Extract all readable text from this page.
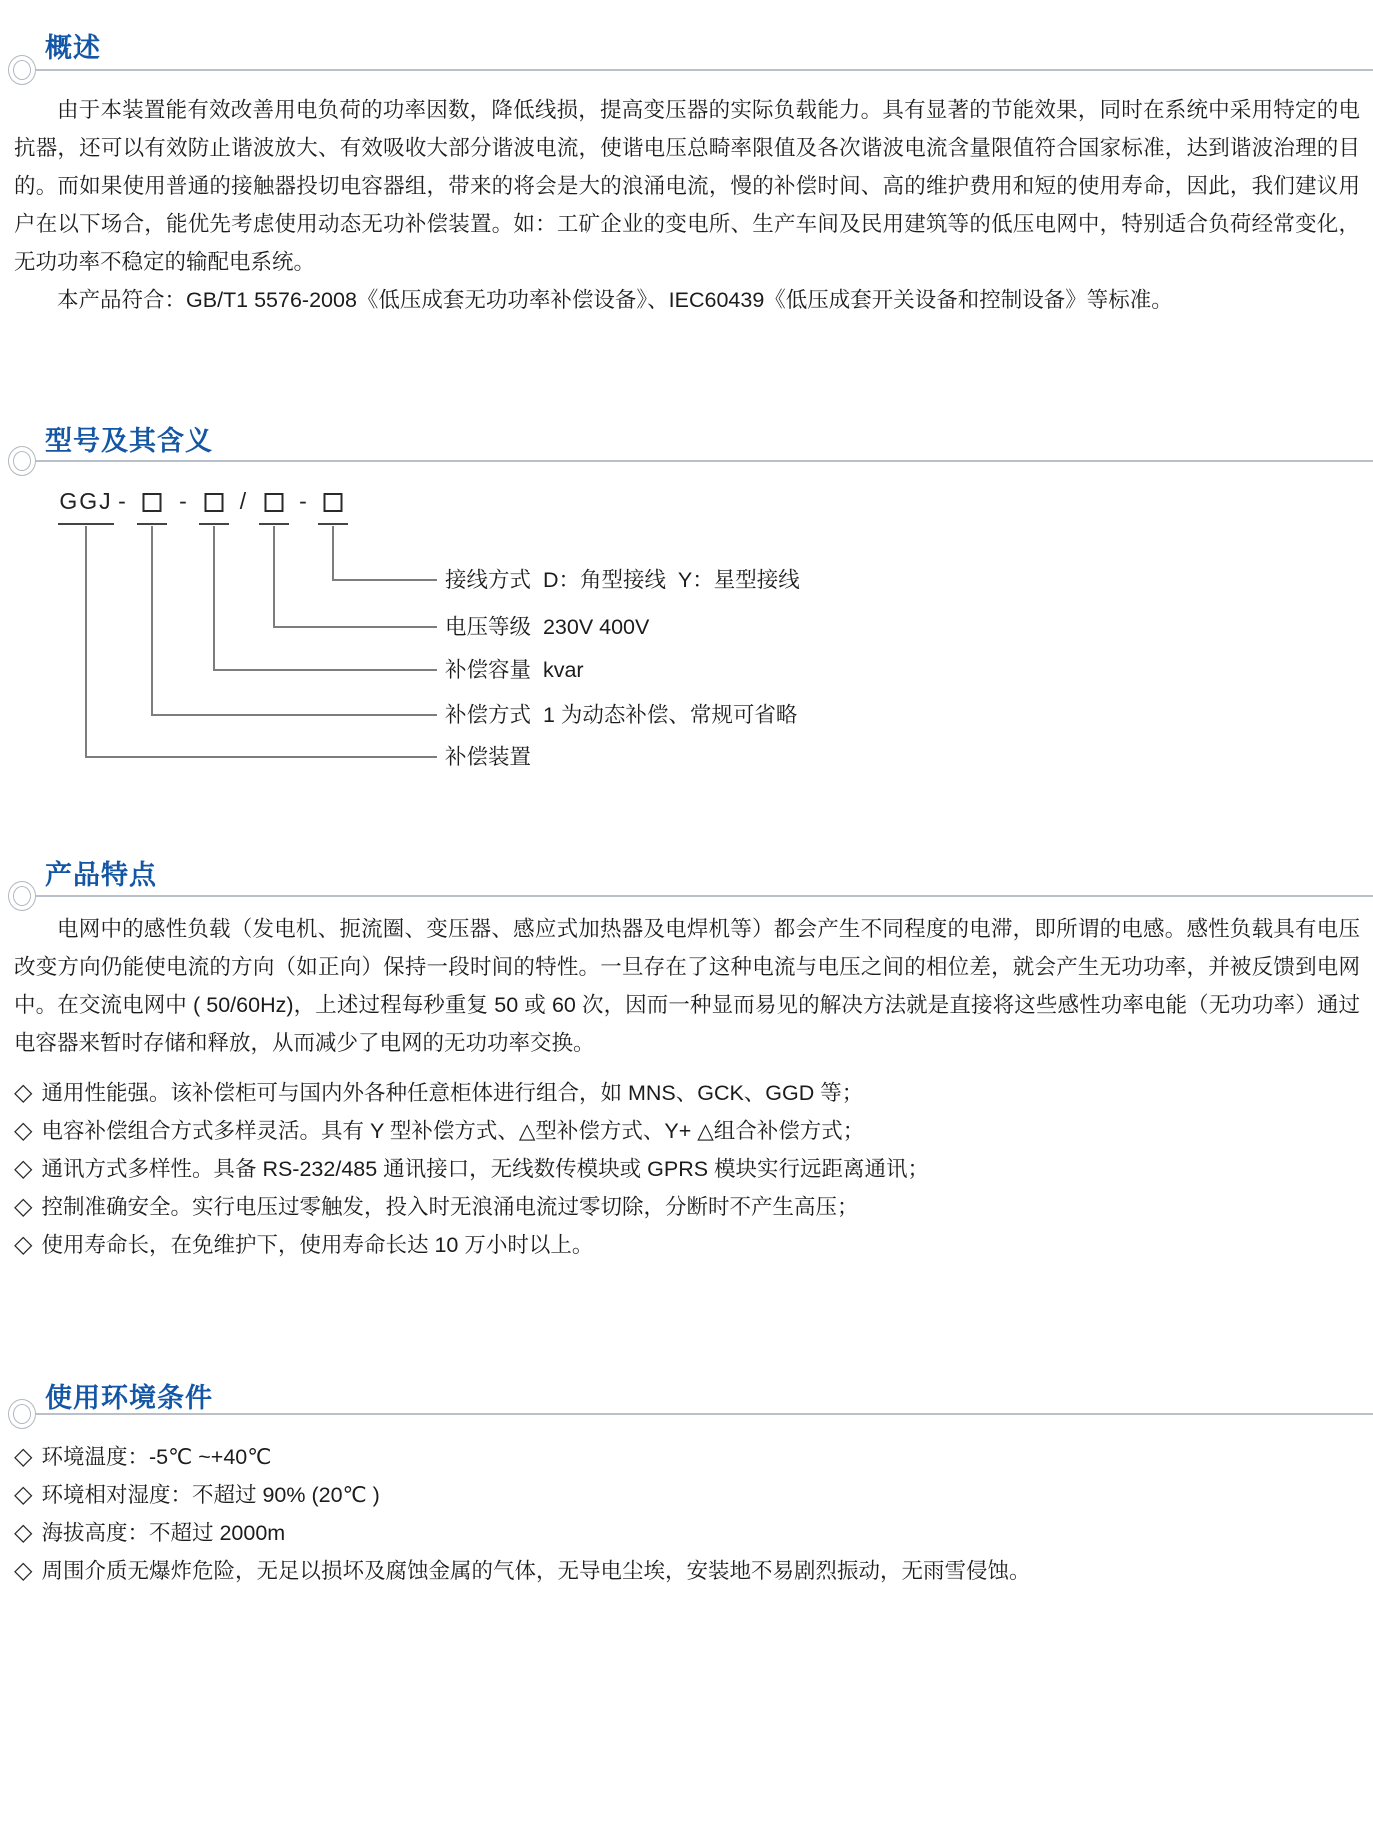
概述

由于本装置能有效改善用电负荷的功率因数，降低线损，提高变压器的实际负载能力。具有显著的节能效果，同时在系统中采用特定的电抗器，还可以有效防止谐波放大、有效吸收大部分谐波电流，使谐电压总畸率限值及各次谐波电流含量限值符合国家标准，达到谐波治理的目的。而如果使用普通的接触器投切电容器组，带来的将会是大的浪涌电流，慢的补偿时间、高的维护费用和短的使用寿命，因此，我们建议用户在以下场合，能优先考虑使用动态无功补偿装置。如：工矿企业的变电所、生产车间及民用建筑等的低压电网中，特别适合负荷经常变化，无功功率不稳定的输配电系统。

本产品符合：GB/T1 5576-2008《低压成套无功功率补偿设备》、IEC60439《低压成套开关设备和控制设备》等标准。

型号及其含义
GGJ - - / -
接线方式  D：角型接线  Y：星型接线
电压等级  230V 400V
补偿容量  kvar
补偿方式  1 为动态补偿、常规可省略
补偿装置
产品特点

电网中的感性负载（发电机、扼流圈、变压器、感应式加热器及电焊机等）都会产生不同程度的电滞，即所谓的电感。感性负载具有电压改变方向仍能使电流的方向（如正向）保持一段时间的特性。一旦存在了这种电流与电压之间的相位差，就会产生无功功率，并被反馈到电网中。在交流电网中 ( 50/60Hz)，上述过程每秒重复 50 或 60 次，因而一种显而易见的解决方法就是直接将这些感性功率电能（无功功率）通过电容器来暂时存储和释放，从而减少了电网的无功功率交换。

◇ 通用性能强。该补偿柜可与国内外各种任意柜体进行组合，如 MNS、GCK、GGD 等；
◇ 电容补偿组合方式多样灵活。具有 Y 型补偿方式、△型补偿方式、Y+ △组合补偿方式；
◇ 通讯方式多样性。具备 RS-232/485 通讯接口，无线数传模块或 GPRS 模块实行远距离通讯；
◇ 控制准确安全。实行电压过零触发，投入时无浪涌电流过零切除，分断时不产生高压；
◇ 使用寿命长，在免维护下，使用寿命长达 10 万小时以上。
使用环境条件
◇ 环境温度：-5℃ ~+40℃
◇ 环境相对湿度：不超过 90% (20℃ )
◇ 海拔高度：不超过 2000m
◇ 周围介质无爆炸危险，无足以损坏及腐蚀金属的气体，无导电尘埃，安装地不易剧烈振动，无雨雪侵蚀。
